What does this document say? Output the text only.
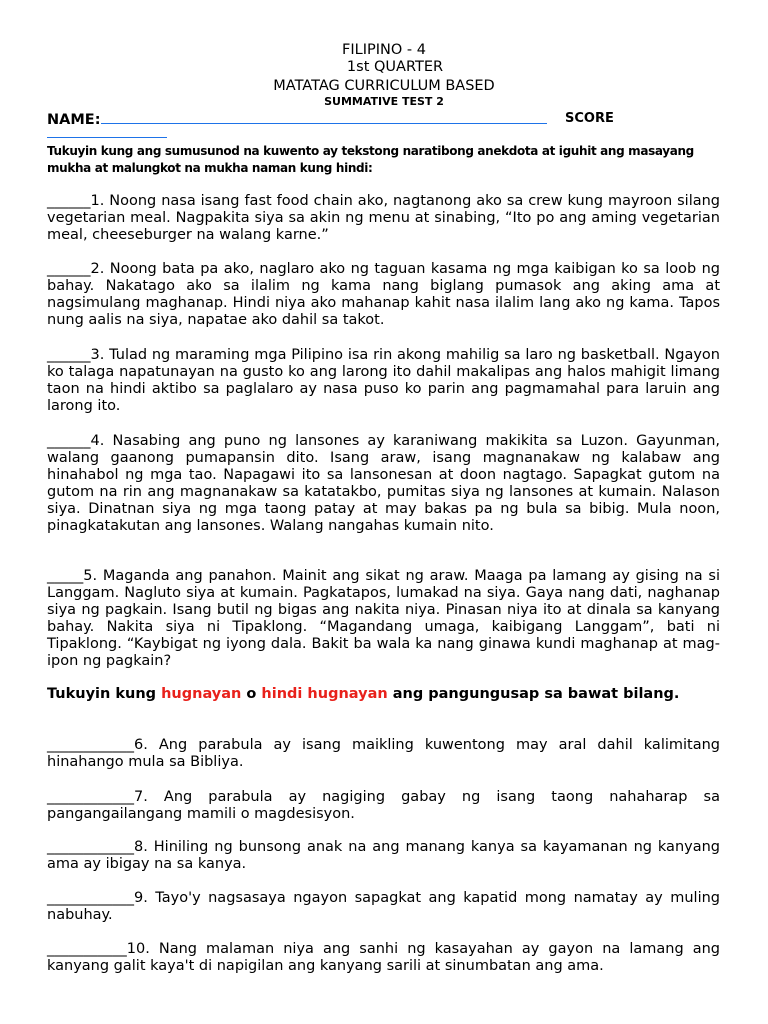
FILIPINO - 4
1st QUARTER
MATATAG CURRICULUM BASED
SUMMATIVE TEST 2
NAME:	SCORE
Tukuyin kung ang sumusunod na kuwento ay tekstong naratibong anekdota at iguhit ang masayang mukha at malungkot na mukha naman kung hindi:
______1. Noong nasa isang fast food chain ako, nagtanong ako sa crew kung mayroon silang vegetarian meal. Nagpakita siya sa akin ng menu at sinabing, “Ito po ang aming vegetarian meal, cheeseburger na walang karne.”
______2. Noong bata pa ako, naglaro ako ng taguan kasama ng mga kaibigan ko sa loob ng bahay. Nakatago ako sa ilalim ng kama nang biglang pumasok ang aking ama at nagsimulang maghanap. Hindi niya ako mahanap kahit nasa ilalim lang ako ng kama. Tapos nung aalis na siya, napatae ako dahil sa takot.
______3. Tulad ng maraming mga Pilipino isa rin akong mahilig sa laro ng basketball. Ngayon ko talaga napatunayan na gusto ko ang larong ito dahil makalipas ang halos mahigit limang taon na hindi aktibo sa paglalaro ay nasa puso ko parin ang pagmamahal para laruin ang larong ito.
______4. Nasabing ang puno ng lansones ay karaniwang makikita sa Luzon. Gayunman, walang gaanong pumapansin dito. Isang araw, isang magnanakaw ng kalabaw ang hinahabol ng mga tao. Napagawi ito sa lansonesan at doon nagtago. Sapagkat gutom na gutom na rin ang magnanakaw sa katatakbo, pumitas siya ng lansones at kumain. Nalason siya. Dinatnan siya ng mga taong patay at may bakas pa ng bula sa bibig. Mula noon, pinagkatakutan ang lansones. Walang nangahas kumain nito.
_____5. Maganda ang panahon. Mainit ang sikat ng araw. Maaga pa lamang ay gising na si Langgam. Nagluto siya at kumain. Pagkatapos, lumakad na siya. Gaya nang dati, naghanap siya ng pagkain. Isang butil ng bigas ang nakita niya. Pinasan niya ito at dinala sa kanyang bahay. Nakita siya ni Tipaklong. “Magandang umaga, kaibigang Langgam”, bati ni Tipaklong. “Kaybigat ng iyong dala. Bakit ba wala ka nang ginawa kundi maghanap at mag-ipon ng pagkain?
Tukuyin kung hugnayan o hindi hugnayan ang pangungusap sa bawat bilang.
____________6. Ang parabula ay isang maikling kuwentong may aral dahil kalimitang hinahango mula sa Bibliya.
____________7. Ang parabula ay nagiging gabay ng isang taong nahaharap sa pangangailangang mamili o magdesisyon.
____________8. Hiniling ng bunsong anak na ang manang kanya sa kayamanan ng kanyang ama ay ibigay na sa kanya.
____________9. Tayo'y nagsasaya ngayon sapagkat ang kapatid mong namatay ay muling nabuhay.
___________10. Nang malaman niya ang sanhi ng kasayahan ay gayon na lamang ang kanyang galit kaya't di napigilan ang kanyang sarili at sinumbatan ang ama.
